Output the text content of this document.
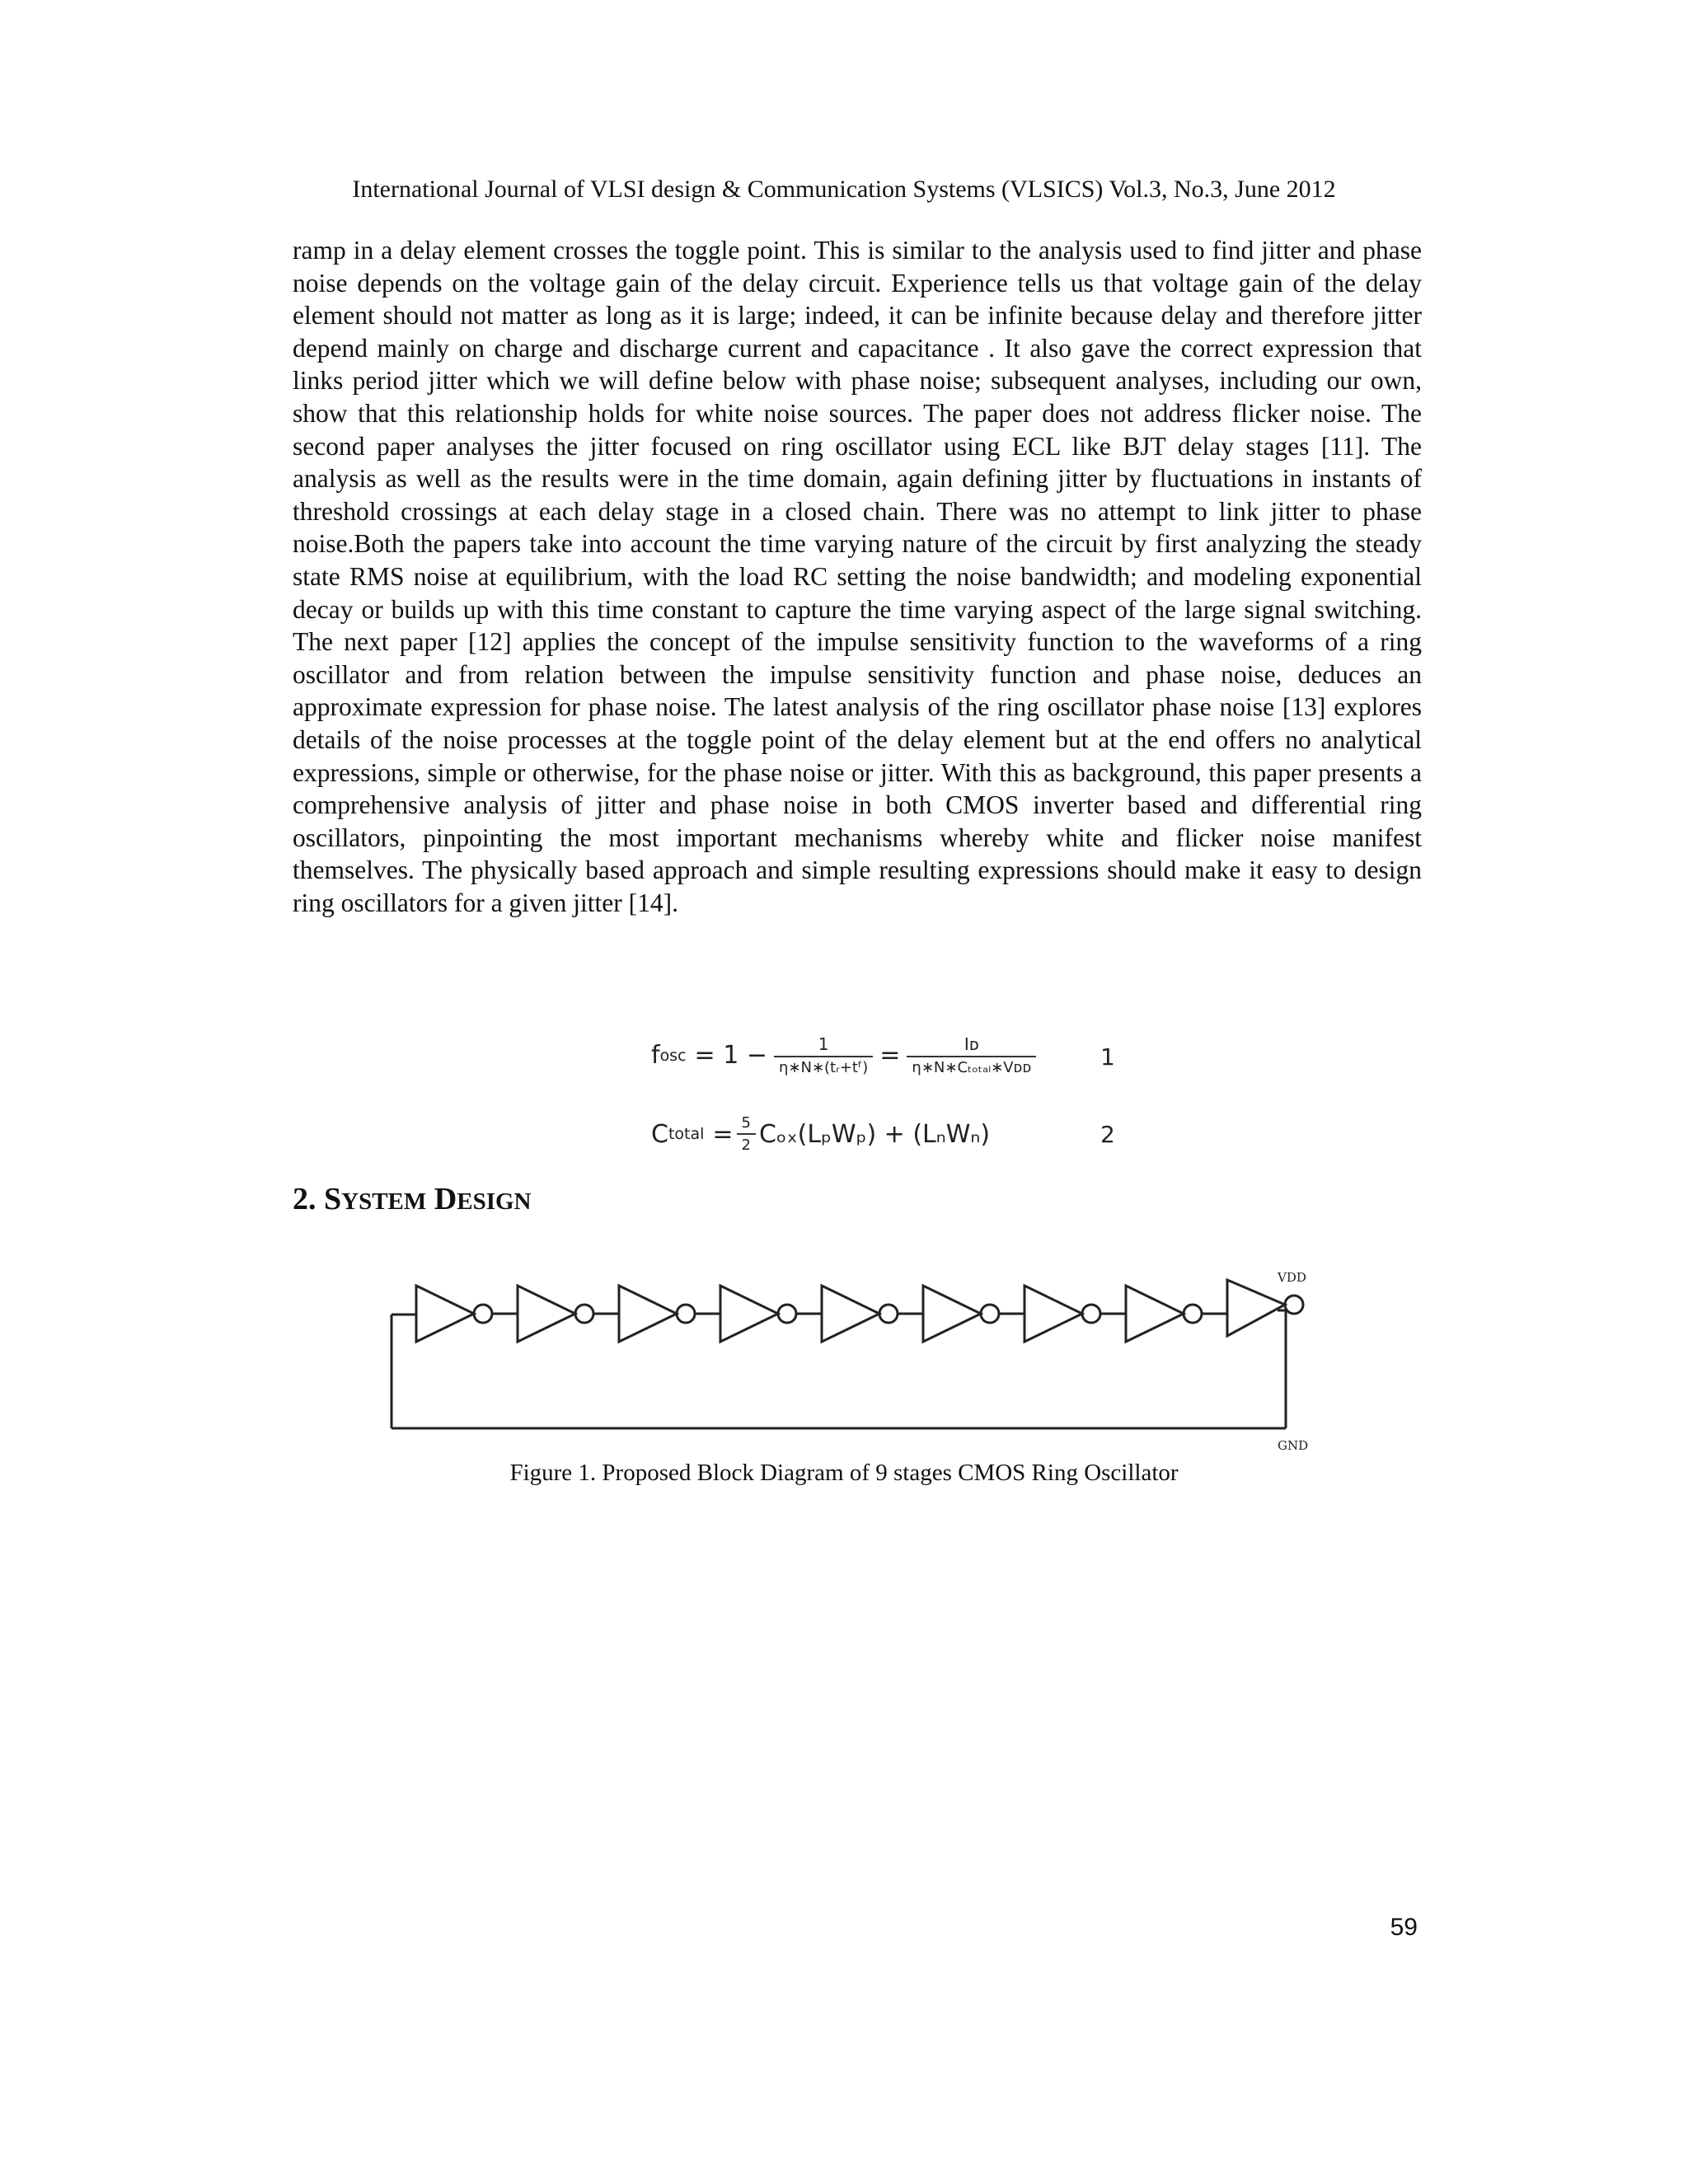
International Journal of VLSI design & Communication Systems (VLSICS) Vol.3, No.3, June 2012

ramp in a delay element crosses the toggle point. This is similar to the analysis used to find jitter and phase noise depends on the voltage gain of the delay circuit. Experience tells us that voltage gain of the delay element should not matter as long as it is large; indeed, it can be infinite because delay and therefore jitter depend mainly on charge and discharge current and capacitance . It also gave the correct expression that links period jitter which we will define below with phase noise; subsequent analyses, including our own, show that this relationship holds for white noise sources. The paper does not address flicker noise. The second paper analyses the jitter focused on ring oscillator using ECL like BJT delay stages [11]. The analysis as well as the results were in the time domain, again defining jitter by fluctuations in instants of threshold crossings at each delay stage in a closed chain. There was no attempt to link jitter to phase noise.Both the papers take into account the time varying nature of the circuit by first analyzing the steady state RMS noise at equilibrium, with the load RC setting the noise bandwidth; and modeling exponential decay or builds up with this time constant to capture the time varying aspect of the large signal switching. The next paper [12] applies the concept of the impulse sensitivity function to the waveforms of a ring oscillator and from relation between the impulse sensitivity function and phase noise, deduces an approximate expression for phase noise. The latest analysis of the ring oscillator phase noise [13] explores details of the noise processes at the toggle point of the delay element but at the end offers no analytical expressions, simple or otherwise, for the phase noise or jitter. With this as background, this paper presents a comprehensive analysis of jitter and phase noise in both CMOS inverter based and differential ring oscillators, pinpointing the most important mechanisms whereby white and flicker noise manifest themselves. The physically based approach and simple resulting expressions should make it easy to design ring oscillators for a given jitter [14].

f osc = $1 - \frac{1}{\text{η∗N∗(tᵣ+tᶠ)}} = \frac{\text{Iᴅ}}{\text{η∗N∗Cₜₒₜₐₗ∗Vᴅᴅ}}$	1
C total = $\frac{5}{2} C_{ox}(L_pW_p) + (L_nW_n)$	2
2. SYSTEM DESIGN
VDD
GND
Figure 1. Proposed Block Diagram of 9 stages CMOS Ring Oscillator
59
